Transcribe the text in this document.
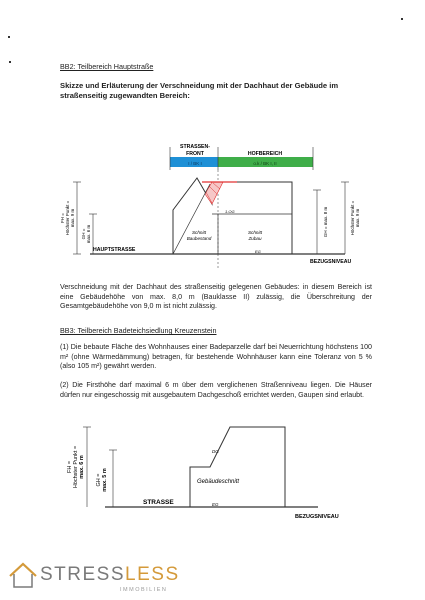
BB2: Teilbereich Hauptstraße
Skizze und Erläuterung der Verschneidung mit der Dachhaut der Gebäude im straßenseitig zugewandten Bereich:
STRASSEN-
FRONT	HOFBEREICH
I / BK I	o.k / BK I, II
1.OG
EG
Schnitt
Baubestand
Schnitt
Zubau
HAUPTSTRASSE
BEZUGSNIVEAU
FH = Höchster Punkt = max. 9 m
GH = max. 6 m	GH = max. 8 m	Höchster Punkt = max. 9 m
Verschneidung mit der Dachhaut des straßenseitig gelegenen Gebäudes: in diesem Bereich ist eine Gebäudehöhe von max. 8,0 m (Bauklasse II) zulässig, die Überschreitung der Gesamtgebäudehöhe von 9,0 m ist nicht zulässig.
BB3: Teilbereich Badeteichsiedlung Kreuzenstein
(1) Die bebaute Fläche des Wohnhauses einer Badeparzelle darf bei Neuerrichtung höchstens 100 m² (ohne Wärmedämmung) betragen, für bestehende Wohnhäuser kann eine Toleranz von 5 % (also 105 m²) gewährt werden.
(2) Die Firsthöhe darf maximal 6 m über dem verglichenen Straßenniveau liegen. Die Häuser dürfen nur eingeschossig mit ausgebautem Dachgeschoß errichtet werden, Gaupen sind erlaubt.
DG
EG
Gebäudeschnitt
STRASSE
BEZUGSNIVEAU
FH = Höchster Punkt = max. 6 m
GH = max. 5 m
STRESSLESS
IMMOBILIEN
